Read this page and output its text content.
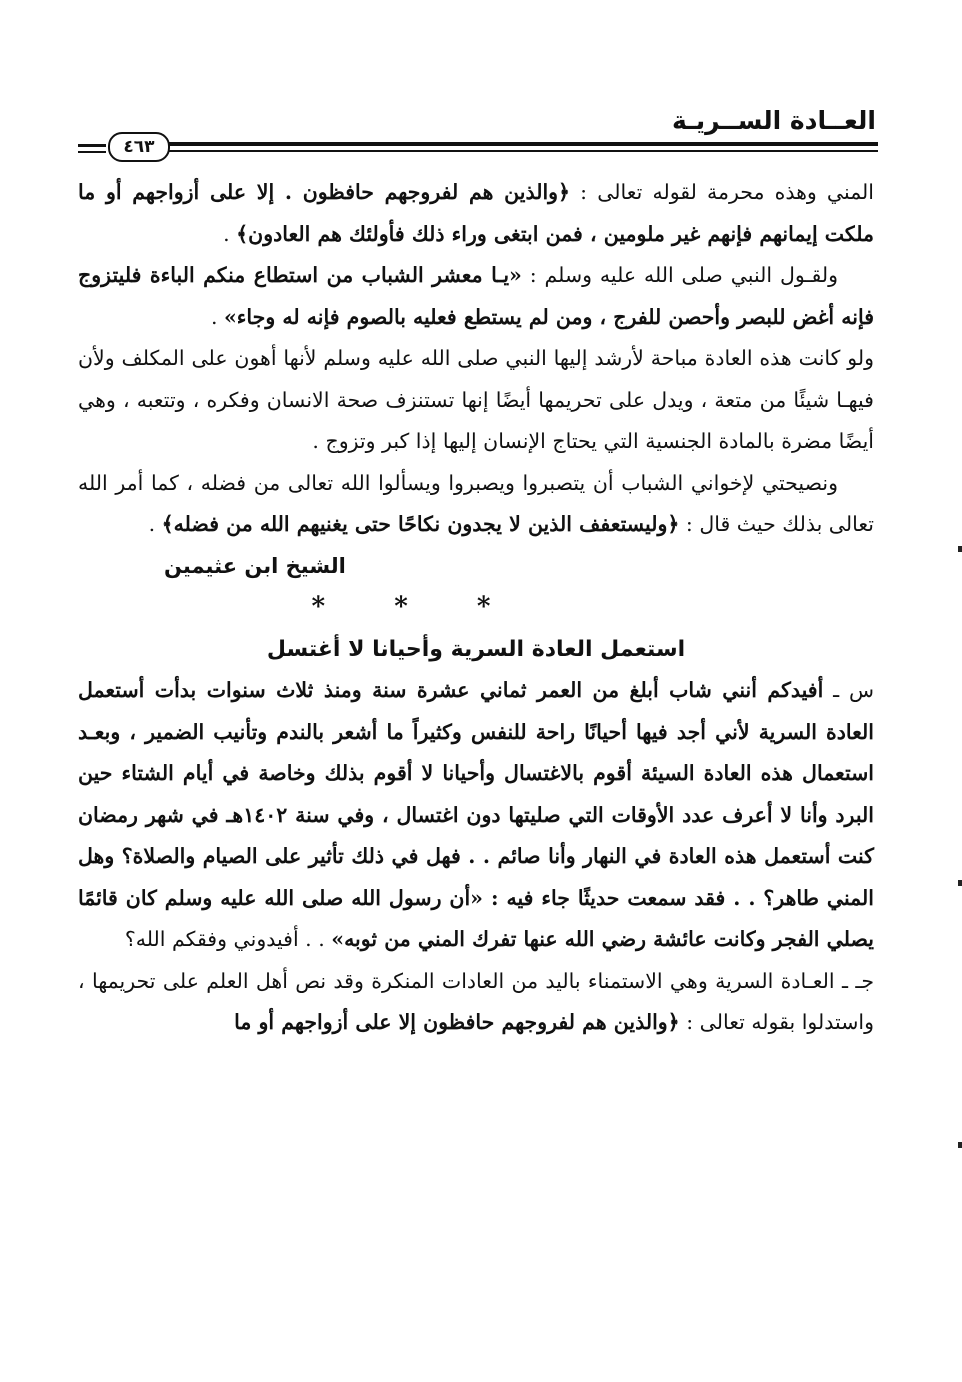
العــادة الســريـة
٤٦٣

المني وهذه محرمة لقوله تعالى : ﴿والذين هم لفروجهم حافظون . إلا على أزواجهم أو ما ملكت إيمانهم فإنهم غير ملومين ، فمن ابتغى وراء ذلك فأولئك هم العادون﴾ .

ولقـول النبي صلى الله عليه وسلم : «يـا معشر الشباب من استطاع منكم الباءة فليتزوج فإنه أغض للبصر وأحصن للفرج ، ومن لم يستطع فعليه بالصوم فإنه له وجاء» .

ولو كانت هذه العادة مباحة لأرشد إليها النبي صلى الله عليه وسلم لأنها أهون على المكلف ولأن فيهـا شيئًا من متعة ، ويدل على تحريمها أيضًا إنها تستنزف صحة الانسان وفكره ، وتتعبه ، وهي أيضًا مضرة بالمادة الجنسية التي يحتاج الإنسان إليها إذا كبر وتزوج .

ونصيحتي لإخواني الشباب أن يتصبروا ويصبروا ويسألوا الله تعالى من فضله ، كما أمر الله تعالى بذلك حيث قال : ﴿وليستعفف الذين لا يجدون نكاحًا حتى يغنيهم الله من فضله﴾ .

الشيخ ابن عثيمين

* * *

استعمل العادة السرية وأحيانا لا أغتسل

س ـ أفيدكم أنني شاب أبلغ من العمر ثماني عشرة سنة ومنذ ثلاث سنوات بدأت أستعمل العادة السرية لأني أجد فيها أحيانًا راحة للنفس وكثيراً ما أشعر بالندم وتأنيب الضمير ، وبعـد استعمال هذه العادة السيئة أقوم بالاغتسال وأحيانا لا أقوم بذلك وخاصة في أيام الشتاء حين البرد وأنا لا أعرف عدد الأوقات التي صليتها دون اغتسال ، وفي سنة ١٤٠٢هـ في شهر رمضان كنت أستعمل هذه العادة في النهار وأنا صائم . . فهل في ذلك تأثير على الصيام والصلاة؟ وهل المني طاهر؟ . . فقد سمعت حديثًا جاء فيه : «أن رسول الله صلى الله عليه وسلم كان قائمًا يصلي الفجر وكانت عائشة رضي الله عنها تفرك المني من ثوبه» . . أفيدوني وفقكم الله؟

جـ ـ العـادة السرية وهي الاستمناء باليد من العادات المنكرة وقد نص أهل العلم على تحريمها ، واستدلوا بقوله تعالى : ﴿والذين هم لفروجهم حافظون إلا على أزواجهم أو ما
